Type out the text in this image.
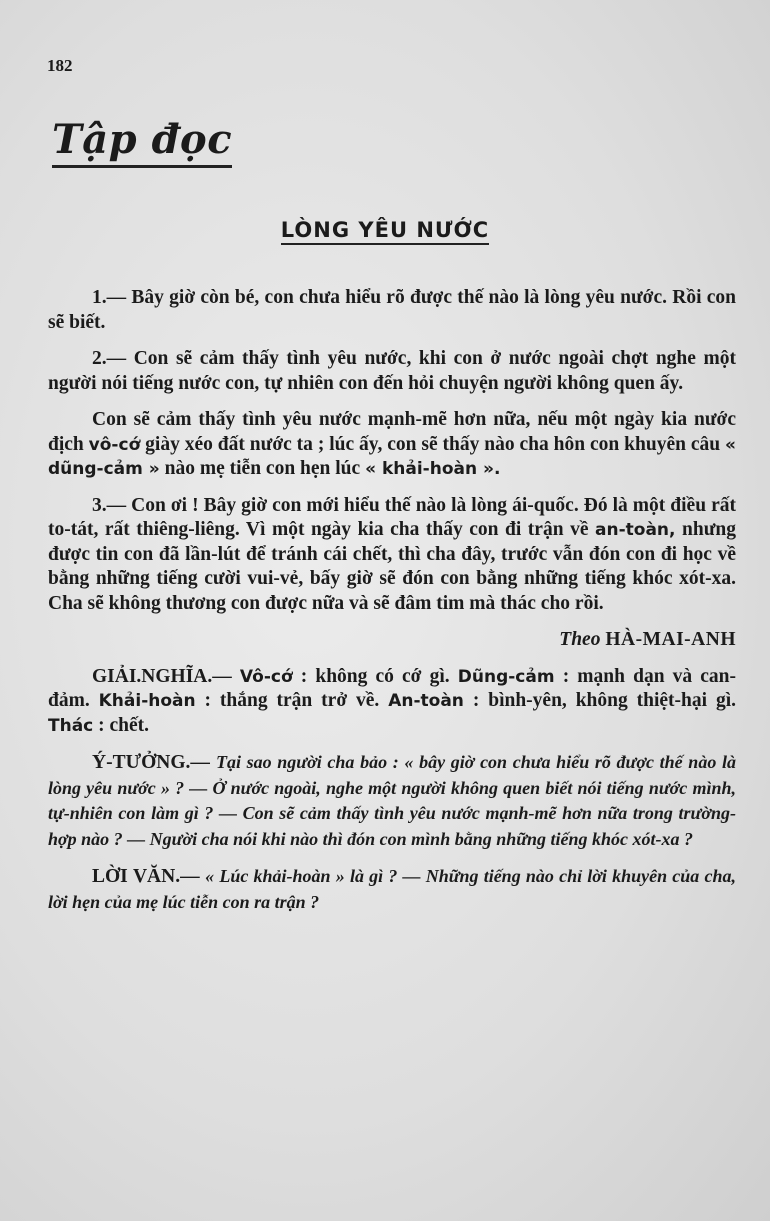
182
Tập đọc
LÒNG YÊU NƯỚC

1.— Bây giờ còn bé, con chưa hiểu rõ được thế nào là lòng yêu nước. Rồi con sẽ biết.

2.— Con sẽ cảm thấy tình yêu nước, khi con ở nước ngoài chợt nghe một người nói tiếng nước con, tự nhiên con đến hỏi chuyện người không quen ấy.

Con sẽ cảm thấy tình yêu nước mạnh-mẽ hơn nữa, nếu một ngày kia nước địch vô-cớ giày xéo đất nước ta ; lúc ấy, con sẽ thấy nào cha hôn con khuyên câu « dũng-cảm » nào mẹ tiễn con hẹn lúc « khải-hoàn ».

3.— Con ơi ! Bây giờ con mới hiểu thế nào là lòng ái-quốc. Đó là một điều rất to-tát, rất thiêng-liêng. Vì một ngày kia cha thấy con đi trận về an-toàn, nhưng được tin con đã lần-lút để tránh cái chết, thì cha đây, trước vẫn đón con đi học về bằng những tiếng cười vui-vẻ, bấy giờ sẽ đón con bằng những tiếng khóc xót-xa. Cha sẽ không thương con được nữa và sẽ đâm tim mà thác cho rồi.

Theo HÀ-MAI-ANH

GIẢI.NGHĨA.— Vô-cớ : không có cớ gì. Dũng-cảm : mạnh dạn và can-đảm. Khải-hoàn : thắng trận trở về. An-toàn : bình-yên, không thiệt-hại gì. Thác : chết.

Ý-TƯỞNG.— Tại sao người cha bảo : « bây giờ con chưa hiểu rõ được thế nào là lòng yêu nước » ? — Ở nước ngoài, nghe một người không quen biết nói tiếng nước mình, tự-nhiên con làm gì ? — Con sẽ cảm thấy tình yêu nước mạnh-mẽ hơn nữa trong trường-hợp nào ? — Người cha nói khi nào thì đón con mình bằng những tiếng khóc xót-xa ?

LỜI VĂN.— « Lúc khải-hoàn » là gì ? — Những tiếng nào chỉ lời khuyên của cha, lời hẹn của mẹ lúc tiễn con ra trận ?
